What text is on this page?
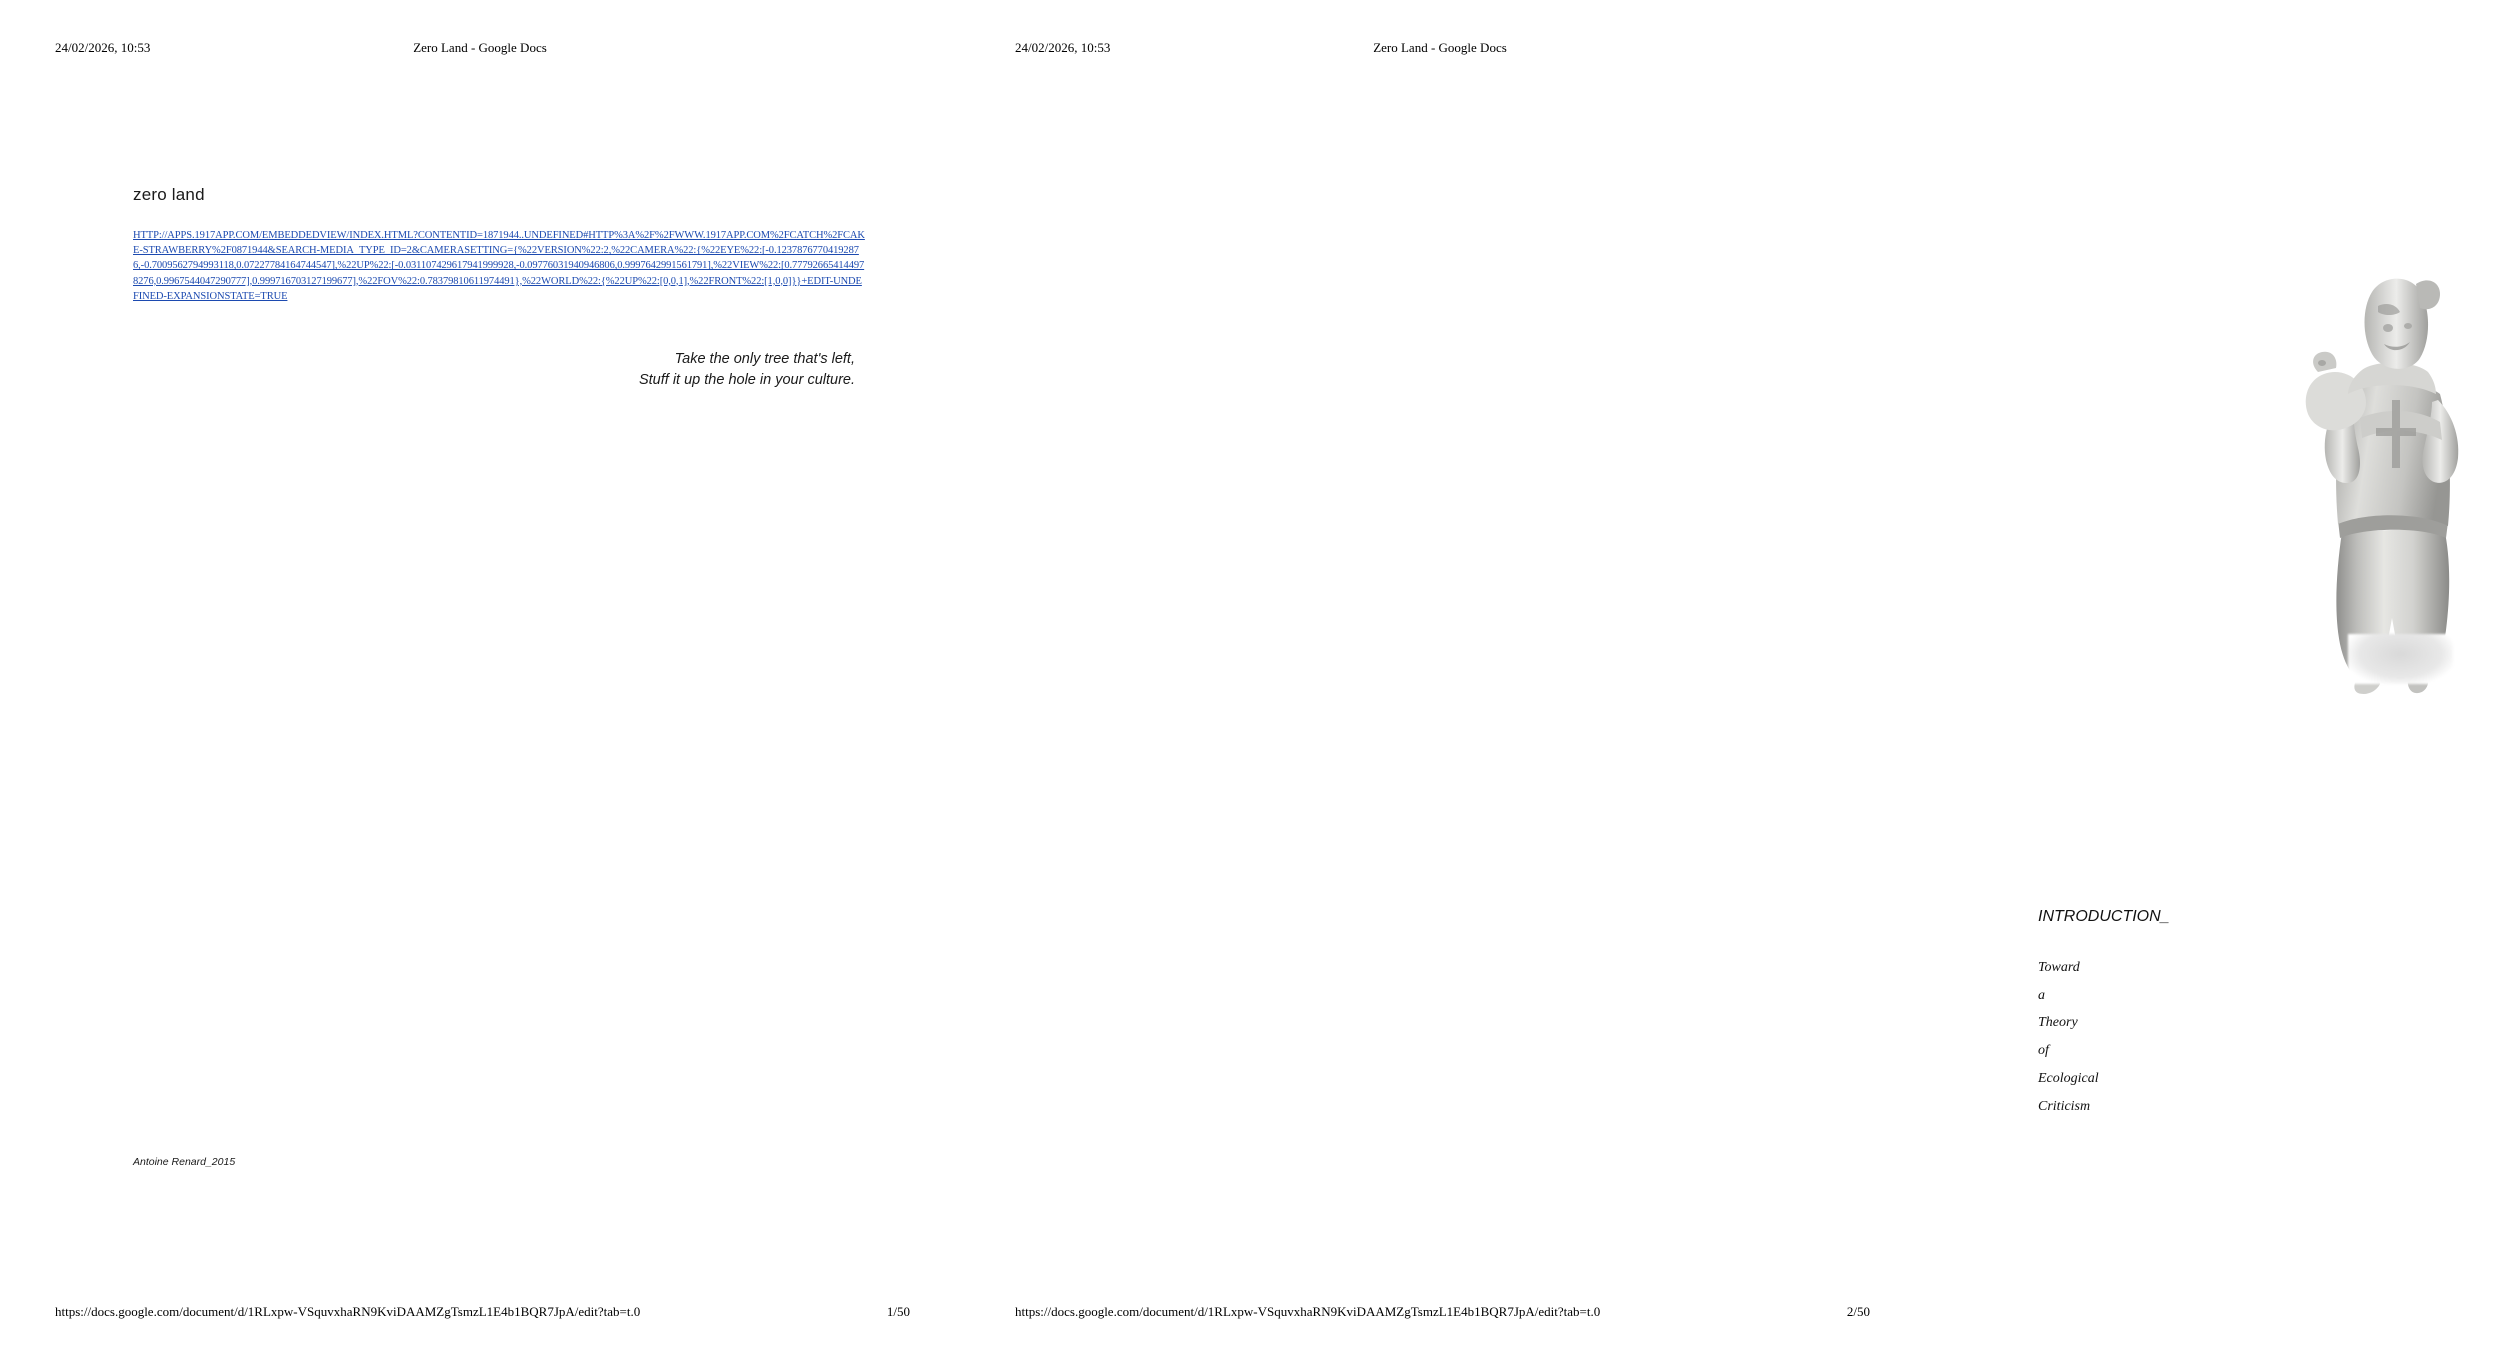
24/02/2026, 10:53	Zero Land - Google Docs
zero land
HTTP://APPS.1917APP.COM/EMBEDDEDVIEW/INDEX.HTML?CONTENTID=1871944..UNDEFINED#HTTP%3A%2F%2FWWW.1917APP.COM%2FCATCH%2FCAKE-STRAWBERRY%2F0871944&SEARCH-MEDIA_TYPE_ID=2&CAMERASETTING={%22VERSION%22:2,%22CAMERA%22:{%22EYE%22:[-0.12378767704192876,-0.7009562794993118,0.07227784164744547],%22UP%22:[-0.031107429617941999928,-0.09776031940946806,0.9997642991561791],%22VIEW%22:[0.777926654144978276,0.9967544047290777],0.999716703127199677],%22FOV%22:0.78379810611974491},%22WORLD%22:{%22UP%22:[0,0,1],%22FRONT%22:[1,0,0]}}+EDIT-UNDEFINED-EXPANSIONSTATE=TRUE
Take the only tree that's left,
Stuff it up the hole in your culture.
Antoine Renard_2015
https://docs.google.com/document/d/1RLxpw-VSquvxhaRN9KviDAAMZgTsmzL1E4b1BQR7JpA/edit?tab=t.0	1/50
24/02/2026, 10:53	Zero Land - Google Docs
INTRODUCTION_
Toward
a
Theory
of
Ecological
Criticism
https://docs.google.com/document/d/1RLxpw-VSquvxhaRN9KviDAAMZgTsmzL1E4b1BQR7JpA/edit?tab=t.0	2/50
